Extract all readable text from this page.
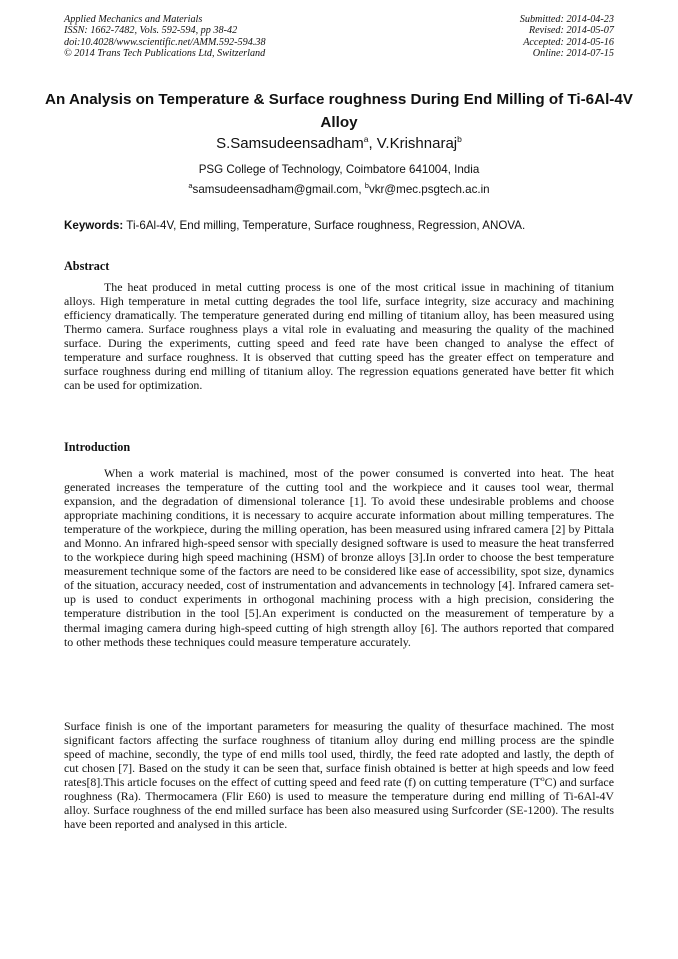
Applied Mechanics and Materials
ISSN: 1662-7482, Vols. 592-594, pp 38-42
doi:10.4028/www.scientific.net/AMM.592-594.38
© 2014 Trans Tech Publications Ltd, Switzerland
Submitted: 2014-04-23
Revised: 2014-05-07
Accepted: 2014-05-16
Online: 2014-07-15
An Analysis on Temperature & Surface roughness During End Milling of Ti-6Al-4V Alloy
S.Samsudeensadham$^a$, V.Krishnaraj$^b$
PSG College of Technology, Coimbatore 641004, India
$^a$samsudeensadham@gmail.com, $^b$vkr@mec.psgtech.ac.in
Keywords: Ti-6Al-4V, End milling, Temperature, Surface roughness, Regression, ANOVA.
Abstract
The heat produced in metal cutting process is one of the most critical issue in machining of titanium alloys. High temperature in metal cutting degrades the tool life, surface integrity, size accuracy and machining efficiency dramatically. The temperature generated during end milling of titanium alloy, has been measured using Thermo camera. Surface roughness plays a vital role in evaluating and measuring the quality of the machined surface. During the experiments, cutting speed and feed rate have been changed to analyse the effect of temperature and surface roughness. It is observed that cutting speed has the greater effect on temperature and surface roughness during end milling of titanium alloy. The regression equations generated have better fit which can be used for optimization.
Introduction
When a work material is machined, most of the power consumed is converted into heat. The heat generated increases the temperature of the cutting tool and the workpiece and it causes tool wear, thermal expansion, and the degradation of dimensional tolerance [1]. To avoid these undesirable problems and choose appropriate machining conditions, it is necessary to acquire accurate information about milling temperatures. The temperature of the workpiece, during the milling operation, has been measured using infrared camera [2] by Pittala and Monno. An infrared high-speed sensor with specially designed software is used to measure the heat transferred to the workpiece during high speed machining (HSM) of bronze alloys [3].In order to choose the best temperature measurement technique some of the factors are need to be considered like ease of accessibility, spot size, dynamics of the situation, accuracy needed, cost of instrumentation and advancements in technology [4]. Infrared camera set-up is used to conduct experiments in orthogonal machining process with a high precision, considering the temperature distribution in the tool [5].An experiment is conducted on the measurement of temperature by a thermal imaging camera during high-speed cutting of high strength alloy [6]. The authors reported that compared to other methods these techniques could measure temperature accurately.
Surface finish is one of the important parameters for measuring the quality of thesurface machined. The most significant factors affecting the surface roughness of titanium alloy during end milling process are the spindle speed of machine, secondly, the type of end mills tool used, thirdly, the feed rate adopted and lastly, the depth of cut chosen [7]. Based on the study it can be seen that, surface finish obtained is better at high speeds and low feed rates[8].This article focuses on the effect of cutting speed and feed rate (f) on cutting temperature $(T^oC)$ and surface roughness (Ra). Thermocamera (Flir E60) is used to measure the temperature during end milling of Ti-6Al-4V alloy. Surface roughness of the end milled surface has been also measured using Surfcorder (SE-1200). The results have been reported and analysed in this article.
